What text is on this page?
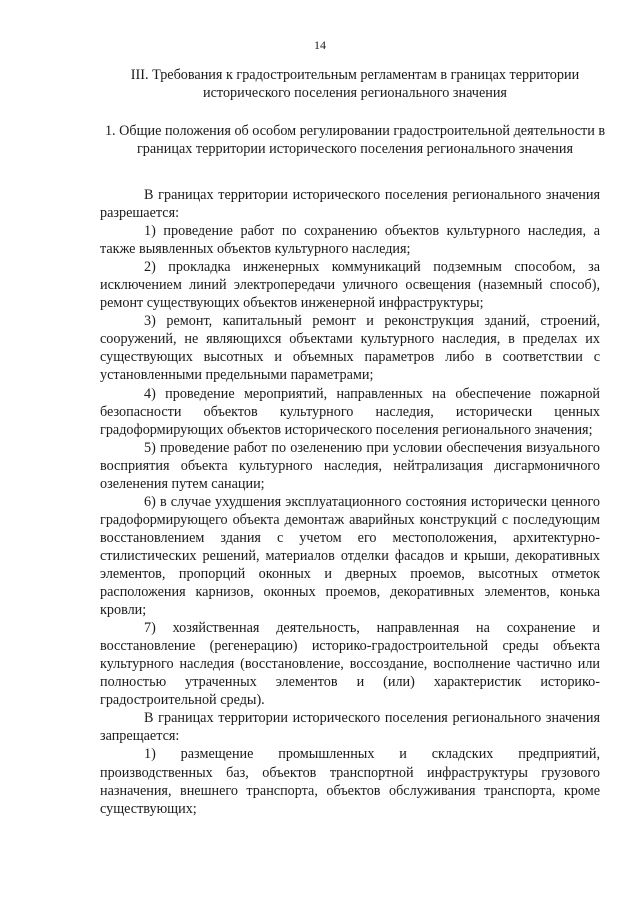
14
III. Требования к градостроительным регламентам в границах территории исторического поселения регионального значения
1. Общие положения об особом регулировании градостроительной деятельности в границах территории исторического поселения регионального значения

В границах территории исторического поселения регионального значения разрешается:

1) проведение работ по сохранению объектов культурного наследия, а также выявленных объектов культурного наследия;

2) прокладка инженерных коммуникаций подземным способом, за исключением линий электропередачи уличного освещения (наземный способ), ремонт существующих объектов инженерной инфраструктуры;

3) ремонт, капитальный ремонт и реконструкция зданий, строений, сооружений, не являющихся объектами культурного наследия, в пределах их существующих высотных и объемных параметров либо в соответствии с установленными предельными параметрами;

4) проведение мероприятий, направленных на обеспечение пожарной безопасности объектов культурного наследия, исторически ценных градоформирующих объектов исторического поселения регионального значения;

5) проведение работ по озеленению при условии обеспечения визуального восприятия объекта культурного наследия, нейтрализация дисгармоничного озеленения путем санации;

6) в случае ухудшения эксплуатационного состояния исторически ценного градоформирующего объекта демонтаж аварийных конструкций с последующим восстановлением здания с учетом его местоположения, архитектурно-стилистических решений, материалов отделки фасадов и крыши, декоративных элементов, пропорций оконных и дверных проемов, высотных отметок расположения карнизов, оконных проемов, декоративных элементов, конька кровли;

7) хозяйственная деятельность, направленная на сохранение и восстановление (регенерацию) историко-градостроительной среды объекта культурного наследия (восстановление, воссоздание, восполнение частично или полностью утраченных элементов и (или) характеристик историко-градостроительной среды).

В границах территории исторического поселения регионального значения запрещается:

1) размещение промышленных и складских предприятий, производственных баз, объектов транспортной инфраструктуры грузового назначения, внешнего транспорта, объектов обслуживания транспорта, кроме существующих;
